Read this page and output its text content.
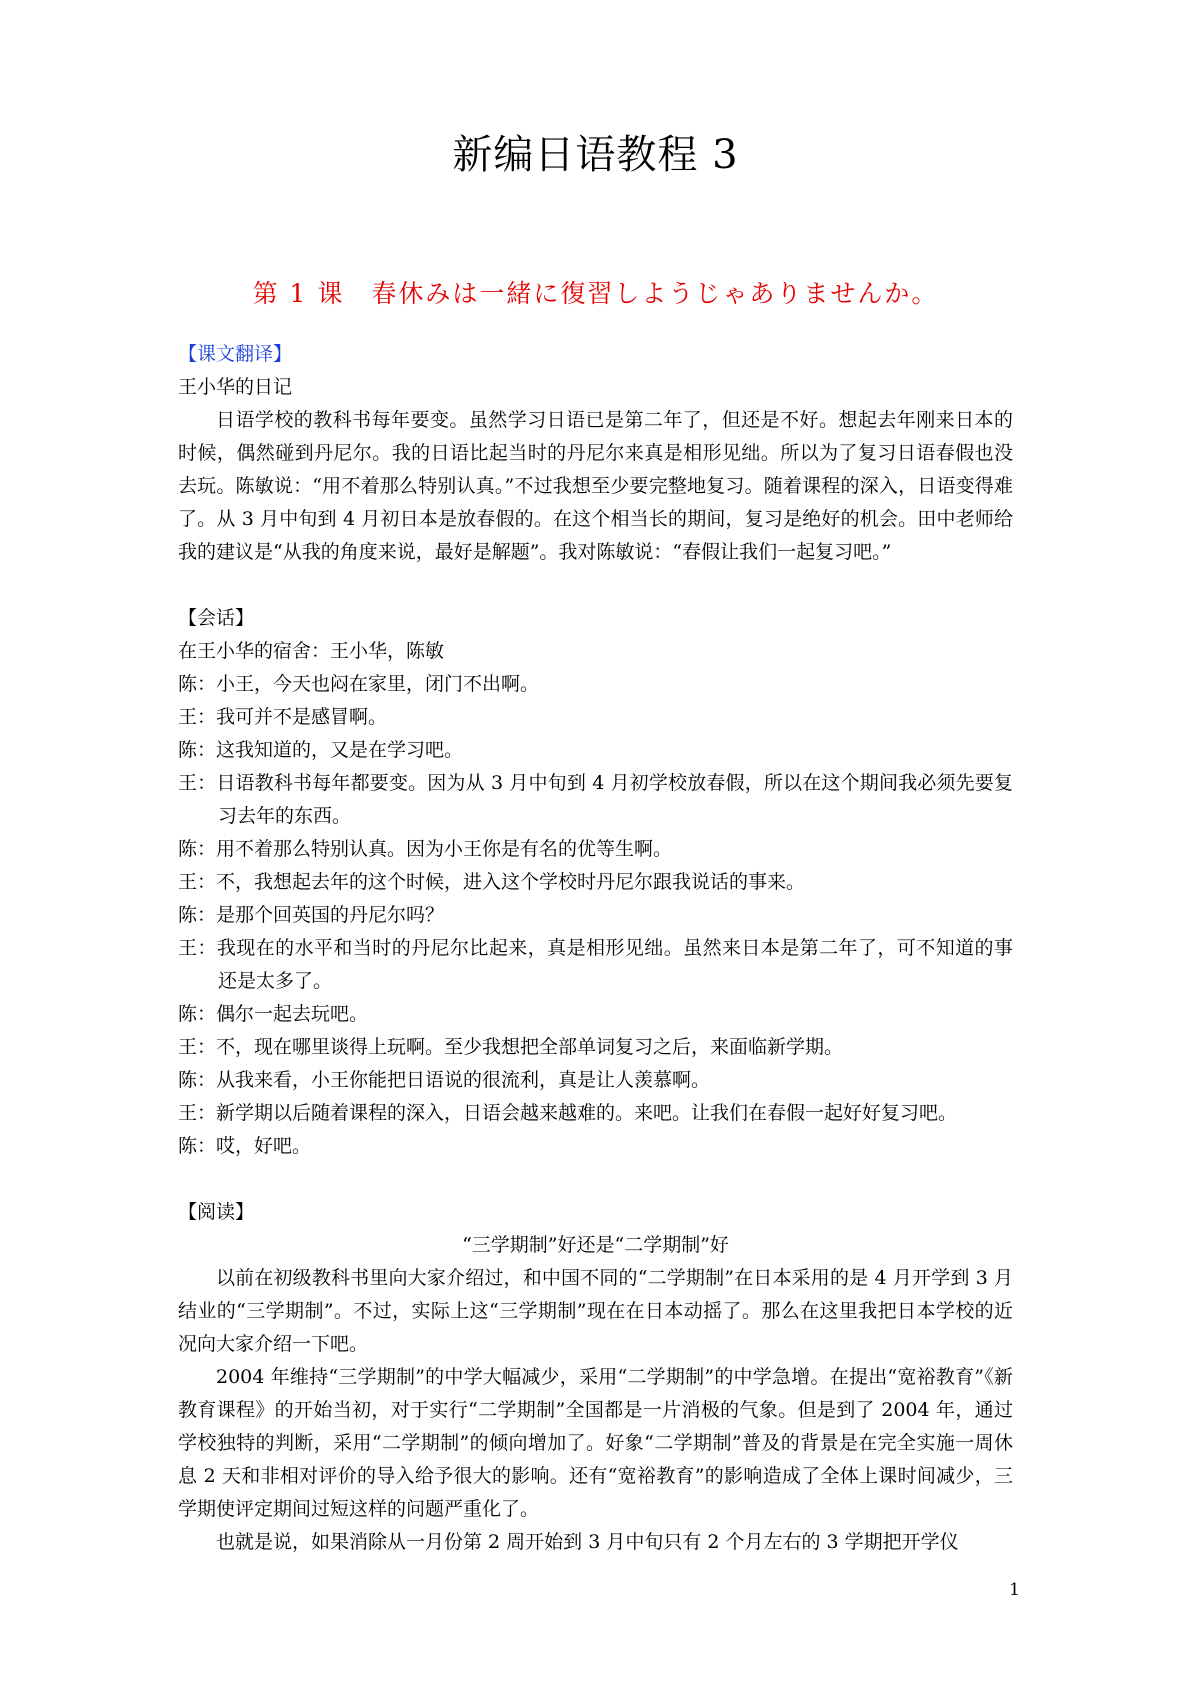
新编日语教程 3
第 1 课　春休みは一緒に復習しようじゃありませんか。

【课文翻译】

王小华的日记

日语学校的教科书每年要变。虽然学习日语已是第二年了，但还是不好。想起去年刚来日本的时候，偶然碰到丹尼尔。我的日语比起当时的丹尼尔来真是相形见绌。所以为了复习日语春假也没去玩。陈敏说：“用不着那么特别认真。”不过我想至少要完整地复习。随着课程的深入，日语变得难了。从 3 月中旬到 4 月初日本是放春假的。在这个相当长的期间，复习是绝好的机会。田中老师给我的建议是“从我的角度来说，最好是解题”。我对陈敏说：“春假让我们一起复习吧。”

【会话】

在王小华的宿舍：王小华，陈敏

陈：小王，今天也闷在家里，闭门不出啊。

王：我可并不是感冒啊。

陈：这我知道的，又是在学习吧。

王：日语教科书每年都要变。因为从 3 月中旬到 4 月初学校放春假，所以在这个期间我必须先要复习去年的东西。

陈：用不着那么特别认真。因为小王你是有名的优等生啊。

王：不，我想起去年的这个时候，进入这个学校时丹尼尔跟我说话的事来。

陈：是那个回英国的丹尼尔吗？

王：我现在的水平和当时的丹尼尔比起来，真是相形见绌。虽然来日本是第二年了，可不知道的事还是太多了。

陈：偶尔一起去玩吧。

王：不，现在哪里谈得上玩啊。至少我想把全部单词复习之后，来面临新学期。

陈：从我来看，小王你能把日语说的很流利，真是让人羡慕啊。

王：新学期以后随着课程的深入，日语会越来越难的。来吧。让我们在春假一起好好复习吧。

陈：哎，好吧。

【阅读】

“三学期制”好还是“二学期制”好

以前在初级教科书里向大家介绍过，和中国不同的“二学期制”在日本采用的是 4 月开学到 3 月结业的“三学期制”。不过，实际上这“三学期制”现在在日本动摇了。那么在这里我把日本学校的近况向大家介绍一下吧。

2004 年维持“三学期制”的中学大幅减少，采用“二学期制”的中学急增。在提出“宽裕教育”《新教育课程》的开始当初，对于实行“二学期制”全国都是一片消极的气象。但是到了 2004 年，通过学校独特的判断，采用“二学期制”的倾向增加了。好象“二学期制”普及的背景是在完全实施一周休息 2 天和非相对评价的导入给予很大的影响。还有“宽裕教育”的影响造成了全体上课时间减少，三学期使评定期间过短这样的问题严重化了。

也就是说，如果消除从一月份第 2 周开始到 3 月中旬只有 2 个月左右的 3 学期把开学仪

1
